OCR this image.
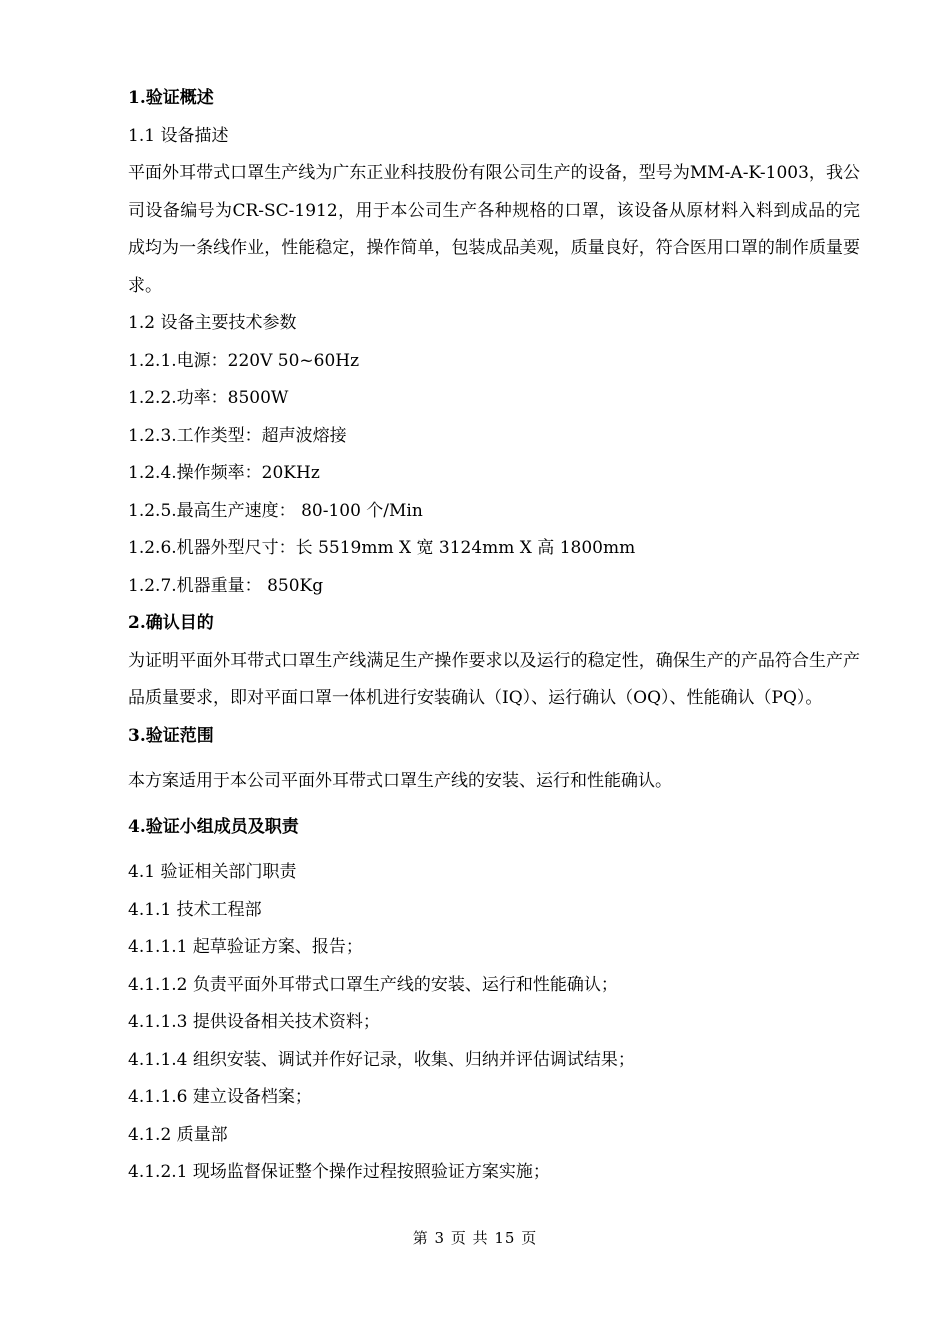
1.验证概述
1.1 设备描述
平面外耳带式口罩生产线为广东正业科技股份有限公司生产的设备，型号为MM-A-K-1003，我公司设备编号为CR-SC-1912，用于本公司生产各种规格的口罩，该设备从原材料入料到成品的完成均为一条线作业，性能稳定，操作简单，包装成品美观，质量良好，符合医用口罩的制作质量要求。
1.2 设备主要技术参数
1.2.1.电源：220V 50~60Hz
1.2.2.功率：8500W
1.2.3.工作类型：超声波熔接
1.2.4.操作频率：20KHz
1.2.5.最高生产速度： 80-100 个/Min
1.2.6.机器外型尺寸：长 5519mm X 宽 3124mm X 高 1800mm
1.2.7.机器重量： 850Kg
2.确认目的
为证明平面外耳带式口罩生产线满足生产操作要求以及运行的稳定性，确保生产的产品符合生产产品质量要求，即对平面口罩一体机进行安装确认（IQ）、运行确认（OQ）、性能确认（PQ）。
3.验证范围
本方案适用于本公司平面外耳带式口罩生产线的安装、运行和性能确认。
4.验证小组成员及职责
4.1 验证相关部门职责
4.1.1 技术工程部
4.1.1.1 起草验证方案、报告；
4.1.1.2 负责平面外耳带式口罩生产线的安装、运行和性能确认；
4.1.1.3 提供设备相关技术资料；
4.1.1.4 组织安装、调试并作好记录，收集、归纳并评估调试结果；
4.1.1.6 建立设备档案；
4.1.2 质量部
4.1.2.1 现场监督保证整个操作过程按照验证方案实施；
第 3 页 共 15 页
